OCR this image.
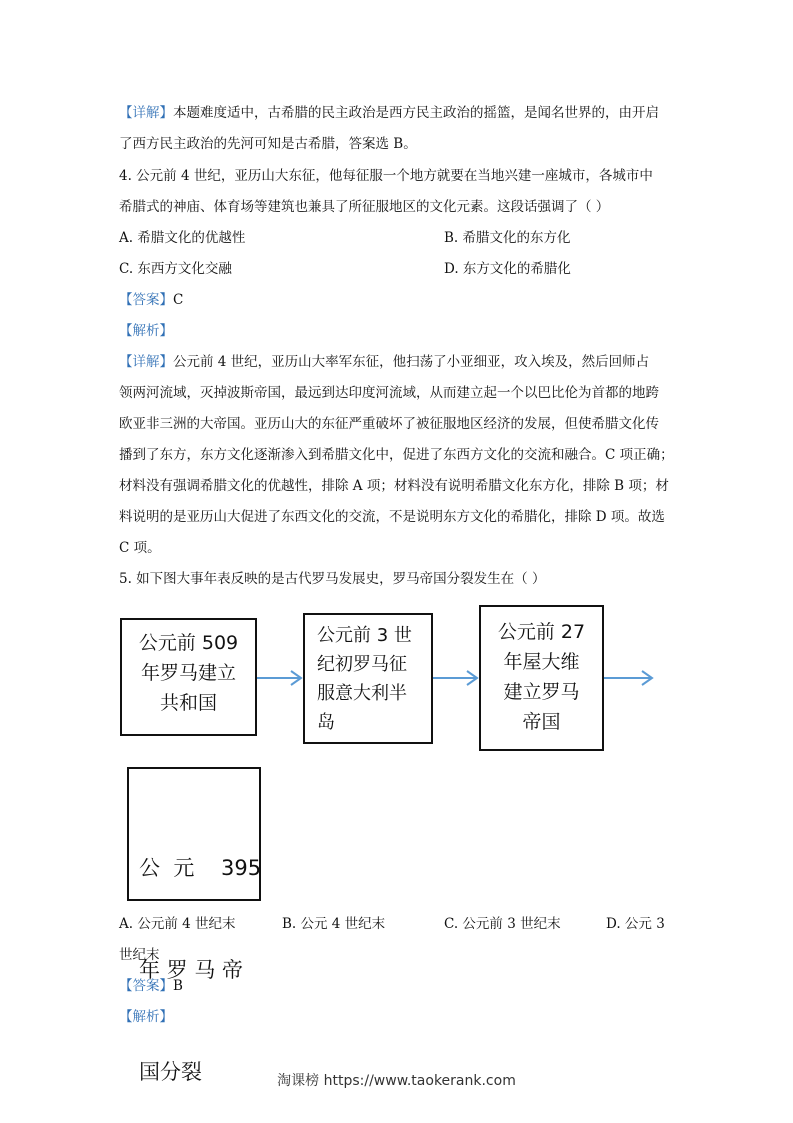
【详解】本题难度适中，古希腊的民主政治是西方民主政治的摇篮，是闻名世界的，由开启
了西方民主政治的先河可知是古希腊，答案选 B。
4. 公元前 4 世纪，亚历山大东征，他每征服一个地方就要在当地兴建一座城市，各城市中
希腊式的神庙、体育场等建筑也兼具了所征服地区的文化元素。这段话强调了（ ）
A. 希腊文化的优越性	B. 希腊文化的东方化
C. 东西方文化交融	D. 东方文化的希腊化
【答案】C
【解析】
【详解】公元前 4 世纪，亚历山大率军东征，他扫荡了小亚细亚，攻入埃及，然后回师占
领两河流域，灭掉波斯帝国，最远到达印度河流域，从而建立起一个以巴比伦为首都的地跨
欧亚非三洲的大帝国。亚历山大的东征严重破坏了被征服地区经济的发展，但使希腊文化传
播到了东方，东方文化逐渐渗入到希腊文化中，促进了东西方文化的交流和融合。C 项正确；
材料没有强调希腊文化的优越性，排除 A 项；材料没有说明希腊文化东方化，排除 B 项；材
料说明的是亚历山大促进了东西文化的交流，不是说明东方文化的希腊化，排除 D 项。故选
C 项。
5. 如下图大事年表反映的是古代罗马发展史，罗马帝国分裂发生在（ ）
公元前 509
年罗马建立
共和国
公元前 3 世
纪初罗马征
服意大利半
岛
公元前 27
年屋大维
建立罗马
帝国

公  元    395

年 罗 马 帝

国分裂

A. 公元前 4 世纪末	B. 公元 4 世纪末	C. 公元前 3 世纪末	D. 公元 3
世纪末
【答案】B
【解析】
淘课榜 https://www.taokerank.com
